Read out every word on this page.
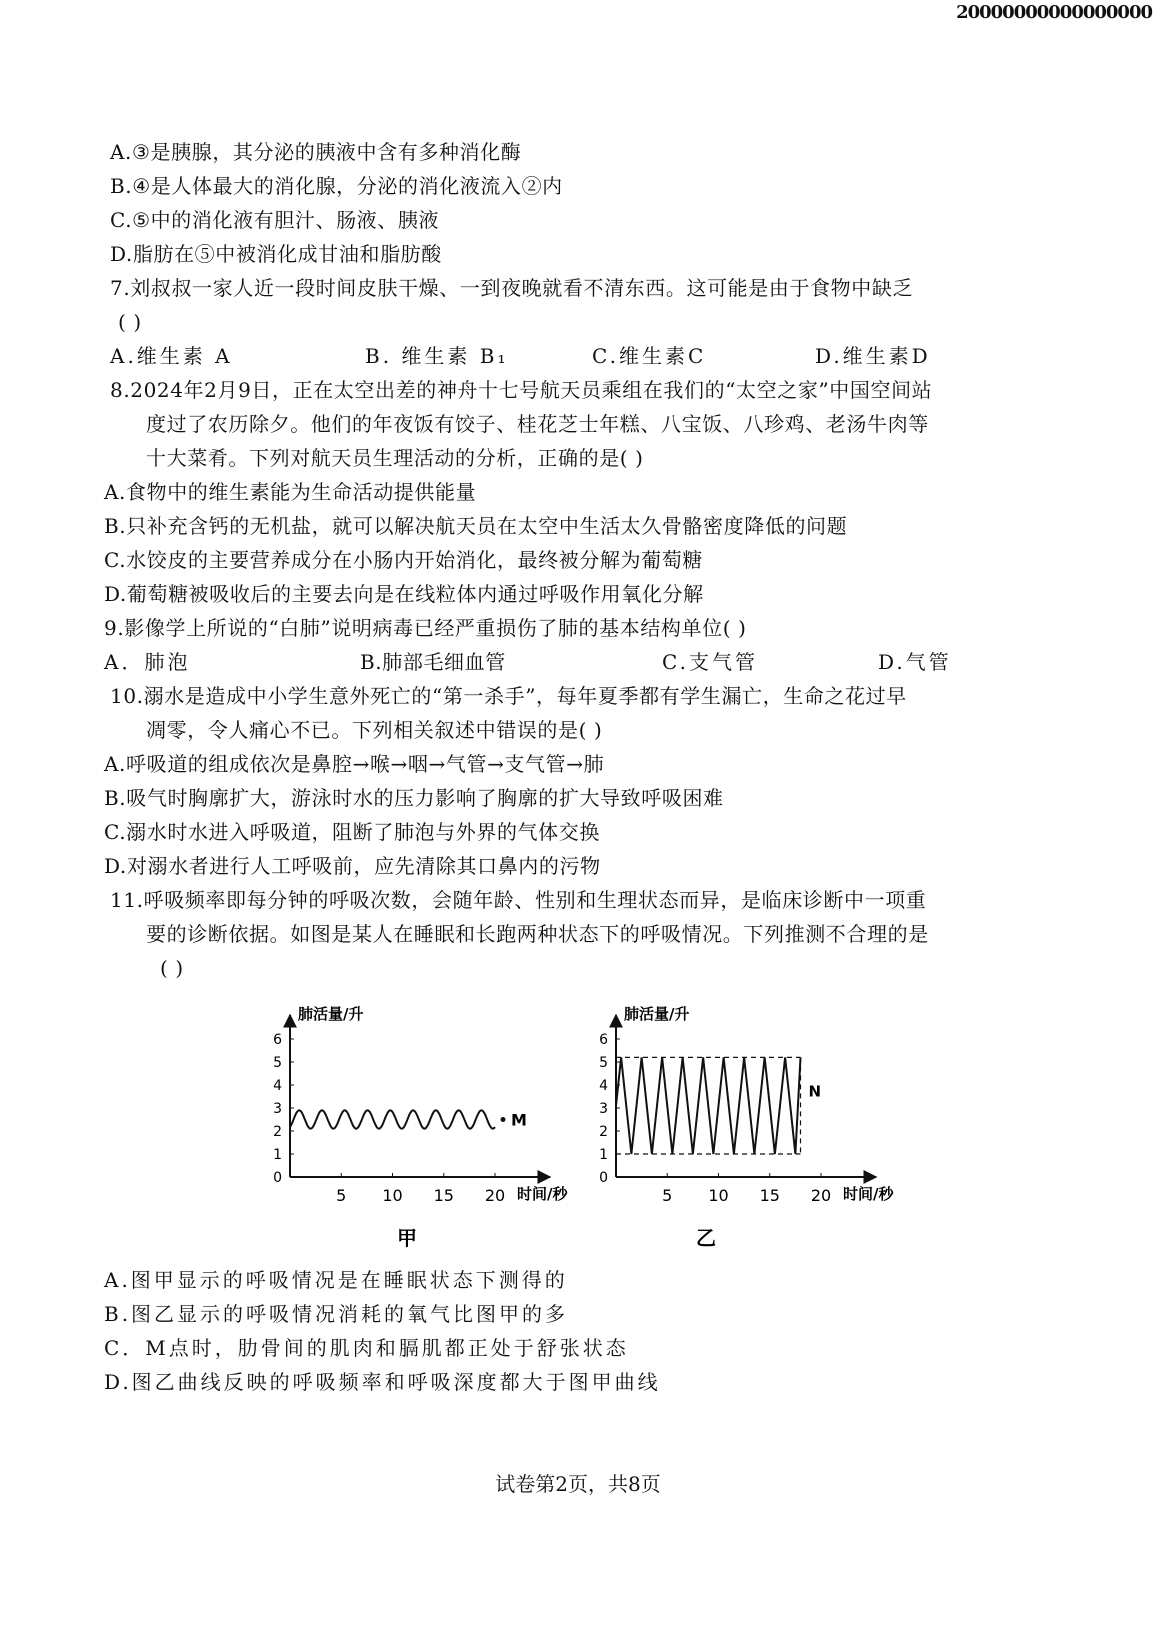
20000000000000000
A.③是胰腺，其分泌的胰液中含有多种消化酶
B.④是人体最大的消化腺，分泌的消化液流入②内
C.⑤中的消化液有胆汁、肠液、胰液
D.脂肪在⑤中被消化成甘油和脂肪酸
7.刘叔叔一家人近一段时间皮肤干燥、一到夜晚就看不清东西。这可能是由于食物中缺乏
( )
A.维生素 A	B. 维生素 B₁	C.维生素C	D.维生素D
8.2024年2月9日，正在太空出差的神舟十七号航天员乘组在我们的“太空之家”中国空间站
度过了农历除夕。他们的年夜饭有饺子、桂花芝士年糕、八宝饭、八珍鸡、老汤牛肉等
十大菜肴。下列对航天员生理活动的分析，正确的是( )
A.食物中的维生素能为生命活动提供能量
B.只补充含钙的无机盐，就可以解决航天员在太空中生活太久骨骼密度降低的问题
C.水饺皮的主要营养成分在小肠内开始消化，最终被分解为葡萄糖
D.葡萄糖被吸收后的主要去向是在线粒体内通过呼吸作用氧化分解
9.影像学上所说的“白肺”说明病毒已经严重损伤了肺的基本结构单位( )
A．肺泡	B.肺部毛细血管	C.支气管	D.气管
10.溺水是造成中小学生意外死亡的“第一杀手”，每年夏季都有学生漏亡，生命之花过早
凋零，令人痛心不已。下列相关叙述中错误的是( )
A.呼吸道的组成依次是鼻腔→喉→咽→气管→支气管→肺
B.吸气时胸廓扩大，游泳时水的压力影响了胸廓的扩大导致呼吸困难
C.溺水时水进入呼吸道，阻断了肺泡与外界的气体交换
D.对溺水者进行人工呼吸前，应先清除其口鼻内的污物
11.呼吸频率即每分钟的呼吸次数，会随年龄、性别和生理状态而异，是临床诊断中一项重
要的诊断依据。如图是某人在睡眠和长跑两种状态下的呼吸情况。下列推测不合理的是
( )
0
1
2
3
4
5
6
5 10 15 20
肺活量/升
时间/秒
甲
M
0
1
2
3
4
5
6
5 10 15 20
肺活量/升
时间/秒
乙
N
A.图甲显示的呼吸情况是在睡眠状态下测得的
B.图乙显示的呼吸情况消耗的氧气比图甲的多
C．M点时，肋骨间的肌肉和膈肌都正处于舒张状态
D.图乙曲线反映的呼吸频率和呼吸深度都大于图甲曲线
试卷第2页，共8页
